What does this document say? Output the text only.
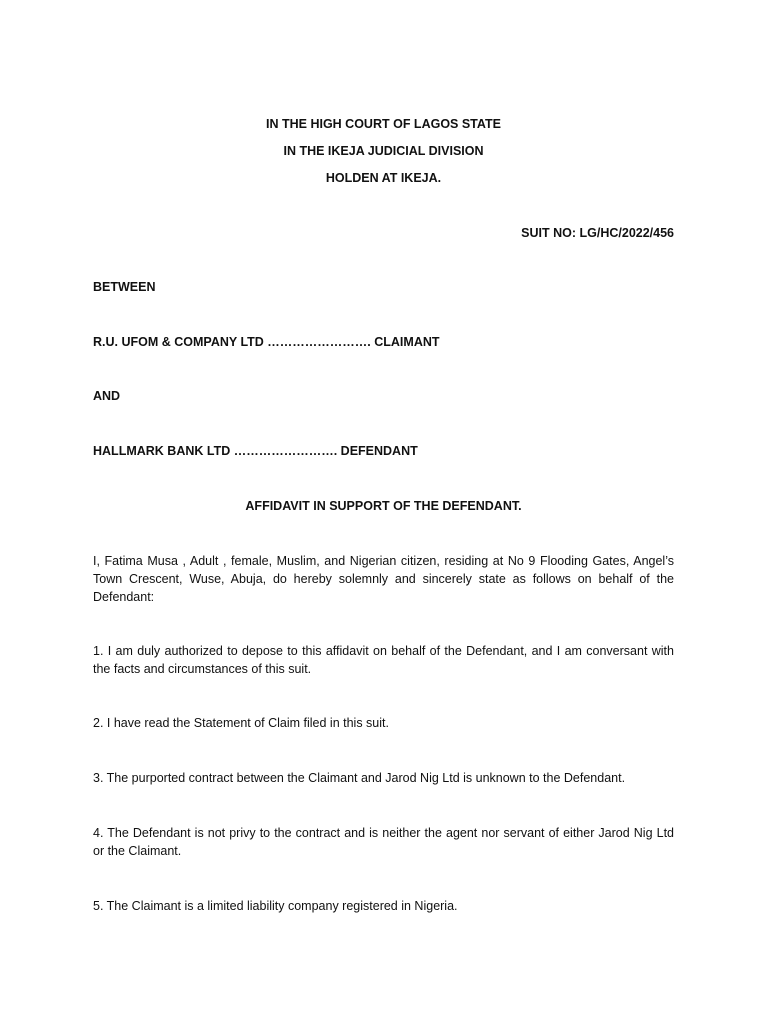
IN THE HIGH COURT OF LAGOS STATE

IN THE IKEJA JUDICIAL DIVISION

HOLDEN AT IKEJA.

SUIT NO: LG/HC/2022/456

BETWEEN

R.U. UFOM & COMPANY LTD ……………………. CLAIMANT

AND

HALLMARK BANK LTD ……………………. DEFENDANT

AFFIDAVIT IN SUPPORT OF THE DEFENDANT.

I, Fatima Musa , Adult , female, Muslim, and Nigerian citizen, residing at No 9 Flooding Gates, Angel’s Town Crescent, Wuse, Abuja, do hereby solemnly and sincerely state as follows on behalf of the Defendant:

1. I am duly authorized to depose to this affidavit on behalf of the Defendant, and I am conversant with the facts and circumstances of this suit.

2. I have read the Statement of Claim filed in this suit.

3. The purported contract between the Claimant and Jarod Nig Ltd is unknown to the Defendant.

4. The Defendant is not privy to the contract and is neither the agent nor servant of either Jarod Nig Ltd or the Claimant.

5. The Claimant is a limited liability company registered in Nigeria.
